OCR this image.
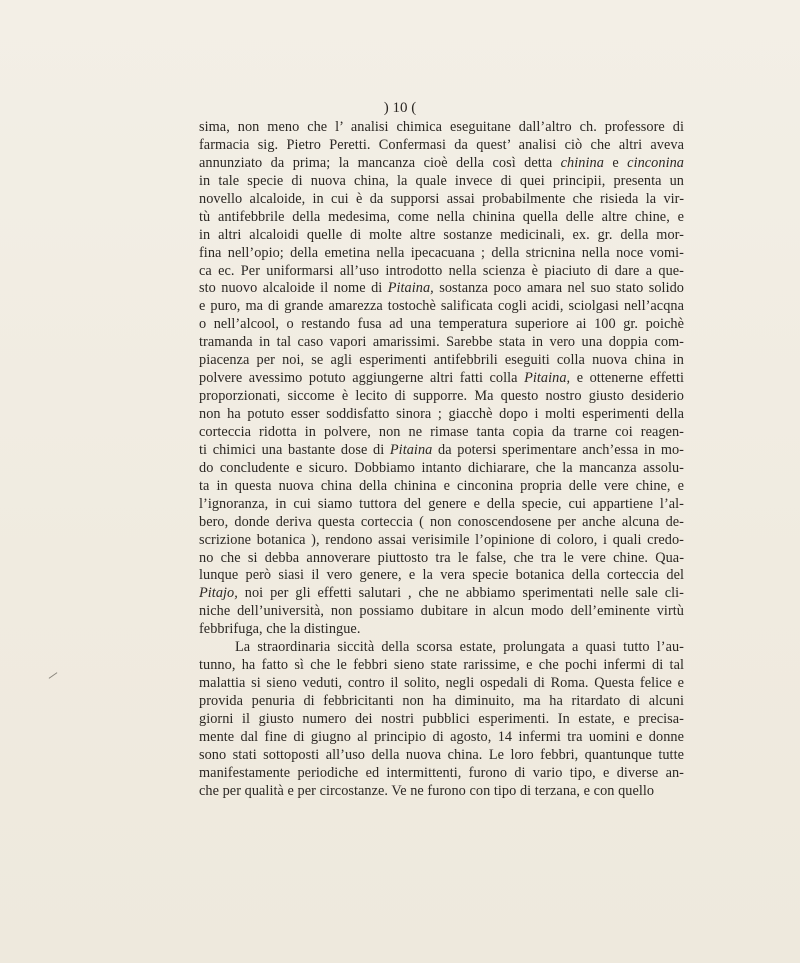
) 10 (
sima, non meno che l’ analisi chimica eseguitane dall’altro ch. professore di
farmacia sig. Pietro Peretti. Confermasi da quest’ analisi ciò che altri aveva
annunziato da prima; la mancanza cioè della così detta chinina e cinconina
in tale specie di nuova china, la quale invece di quei principii, presenta un
novello alcaloide, in cui è da supporsi assai probabilmente che risieda la vir-
tù antifebbrile della medesima, come nella chinina quella delle altre chine, e
in altri alcaloidi quelle di molte altre sostanze medicinali, ex. gr. della mor-
fina nell’opio; della emetina nella ipecacuana ; della stricnina nella noce vomi-
ca ec. Per uniformarsi all’uso introdotto nella scienza è piaciuto di dare a que-
sto nuovo alcaloide il nome di Pitaina, sostanza poco amara nel suo stato solido
e puro, ma di grande amarezza tostochè salificata cogli acidi, sciolgasi nell’acqna
o nell’alcool, o restando fusa ad una temperatura superiore ai 100 gr. poichè
tramanda in tal caso vapori amarissimi. Sarebbe stata in vero una doppia com-
piacenza per noi, se agli esperimenti antifebbrili eseguiti colla nuova china in
polvere avessimo potuto aggiungerne altri fatti colla Pitaina, e ottenerne effetti
proporzionati, siccome è lecito di supporre. Ma questo nostro giusto desiderio
non ha potuto esser soddisfatto sinora ; giacchè dopo i molti esperimenti della
corteccia ridotta in polvere, non ne rimase tanta copia da trarne coi reagen-
ti chimici una bastante dose di Pitaina da potersi sperimentare anch’essa in mo-
do concludente e sicuro. Dobbiamo intanto dichiarare, che la mancanza assolu-
ta in questa nuova china della chinina e cinconina propria delle vere chine, e
l’ignoranza, in cui siamo tuttora del genere e della specie, cui appartiene l’al-
bero, donde deriva questa corteccia ( non conoscendosene per anche alcuna de-
scrizione botanica ), rendono assai verisimile l’opinione di coloro, i quali credo-
no che si debba annoverare piuttosto tra le false, che tra le vere chine. Qua-
lunque però siasi il vero genere, e la vera specie botanica della corteccia del
Pitajo, noi per gli effetti salutari , che ne abbiamo sperimentati nelle sale cli-
niche dell’università, non possiamo dubitare in alcun modo dell’eminente virtù
febbrifuga, che la distingue.
La straordinaria siccità della scorsa estate, prolungata a quasi tutto l’au-
tunno, ha fatto sì che le febbri sieno state rarissime, e che pochi infermi di tal
malattia si sieno veduti, contro il solito, negli ospedali di Roma. Questa felice e
provida penuria di febbricitanti non ha diminuito, ma ha ritardato di alcuni
giorni il giusto numero dei nostri pubblici esperimenti. In estate, e precisa-
mente dal fine di giugno al principio di agosto, 14 infermi tra uomini e donne
sono stati sottoposti all’uso della nuova china. Le loro febbri, quantunque tutte
manifestamente periodiche ed intermittenti, furono di vario tipo, e diverse an-
che per qualità e per circostanze. Ve ne furono con tipo di terzana, e con quello
